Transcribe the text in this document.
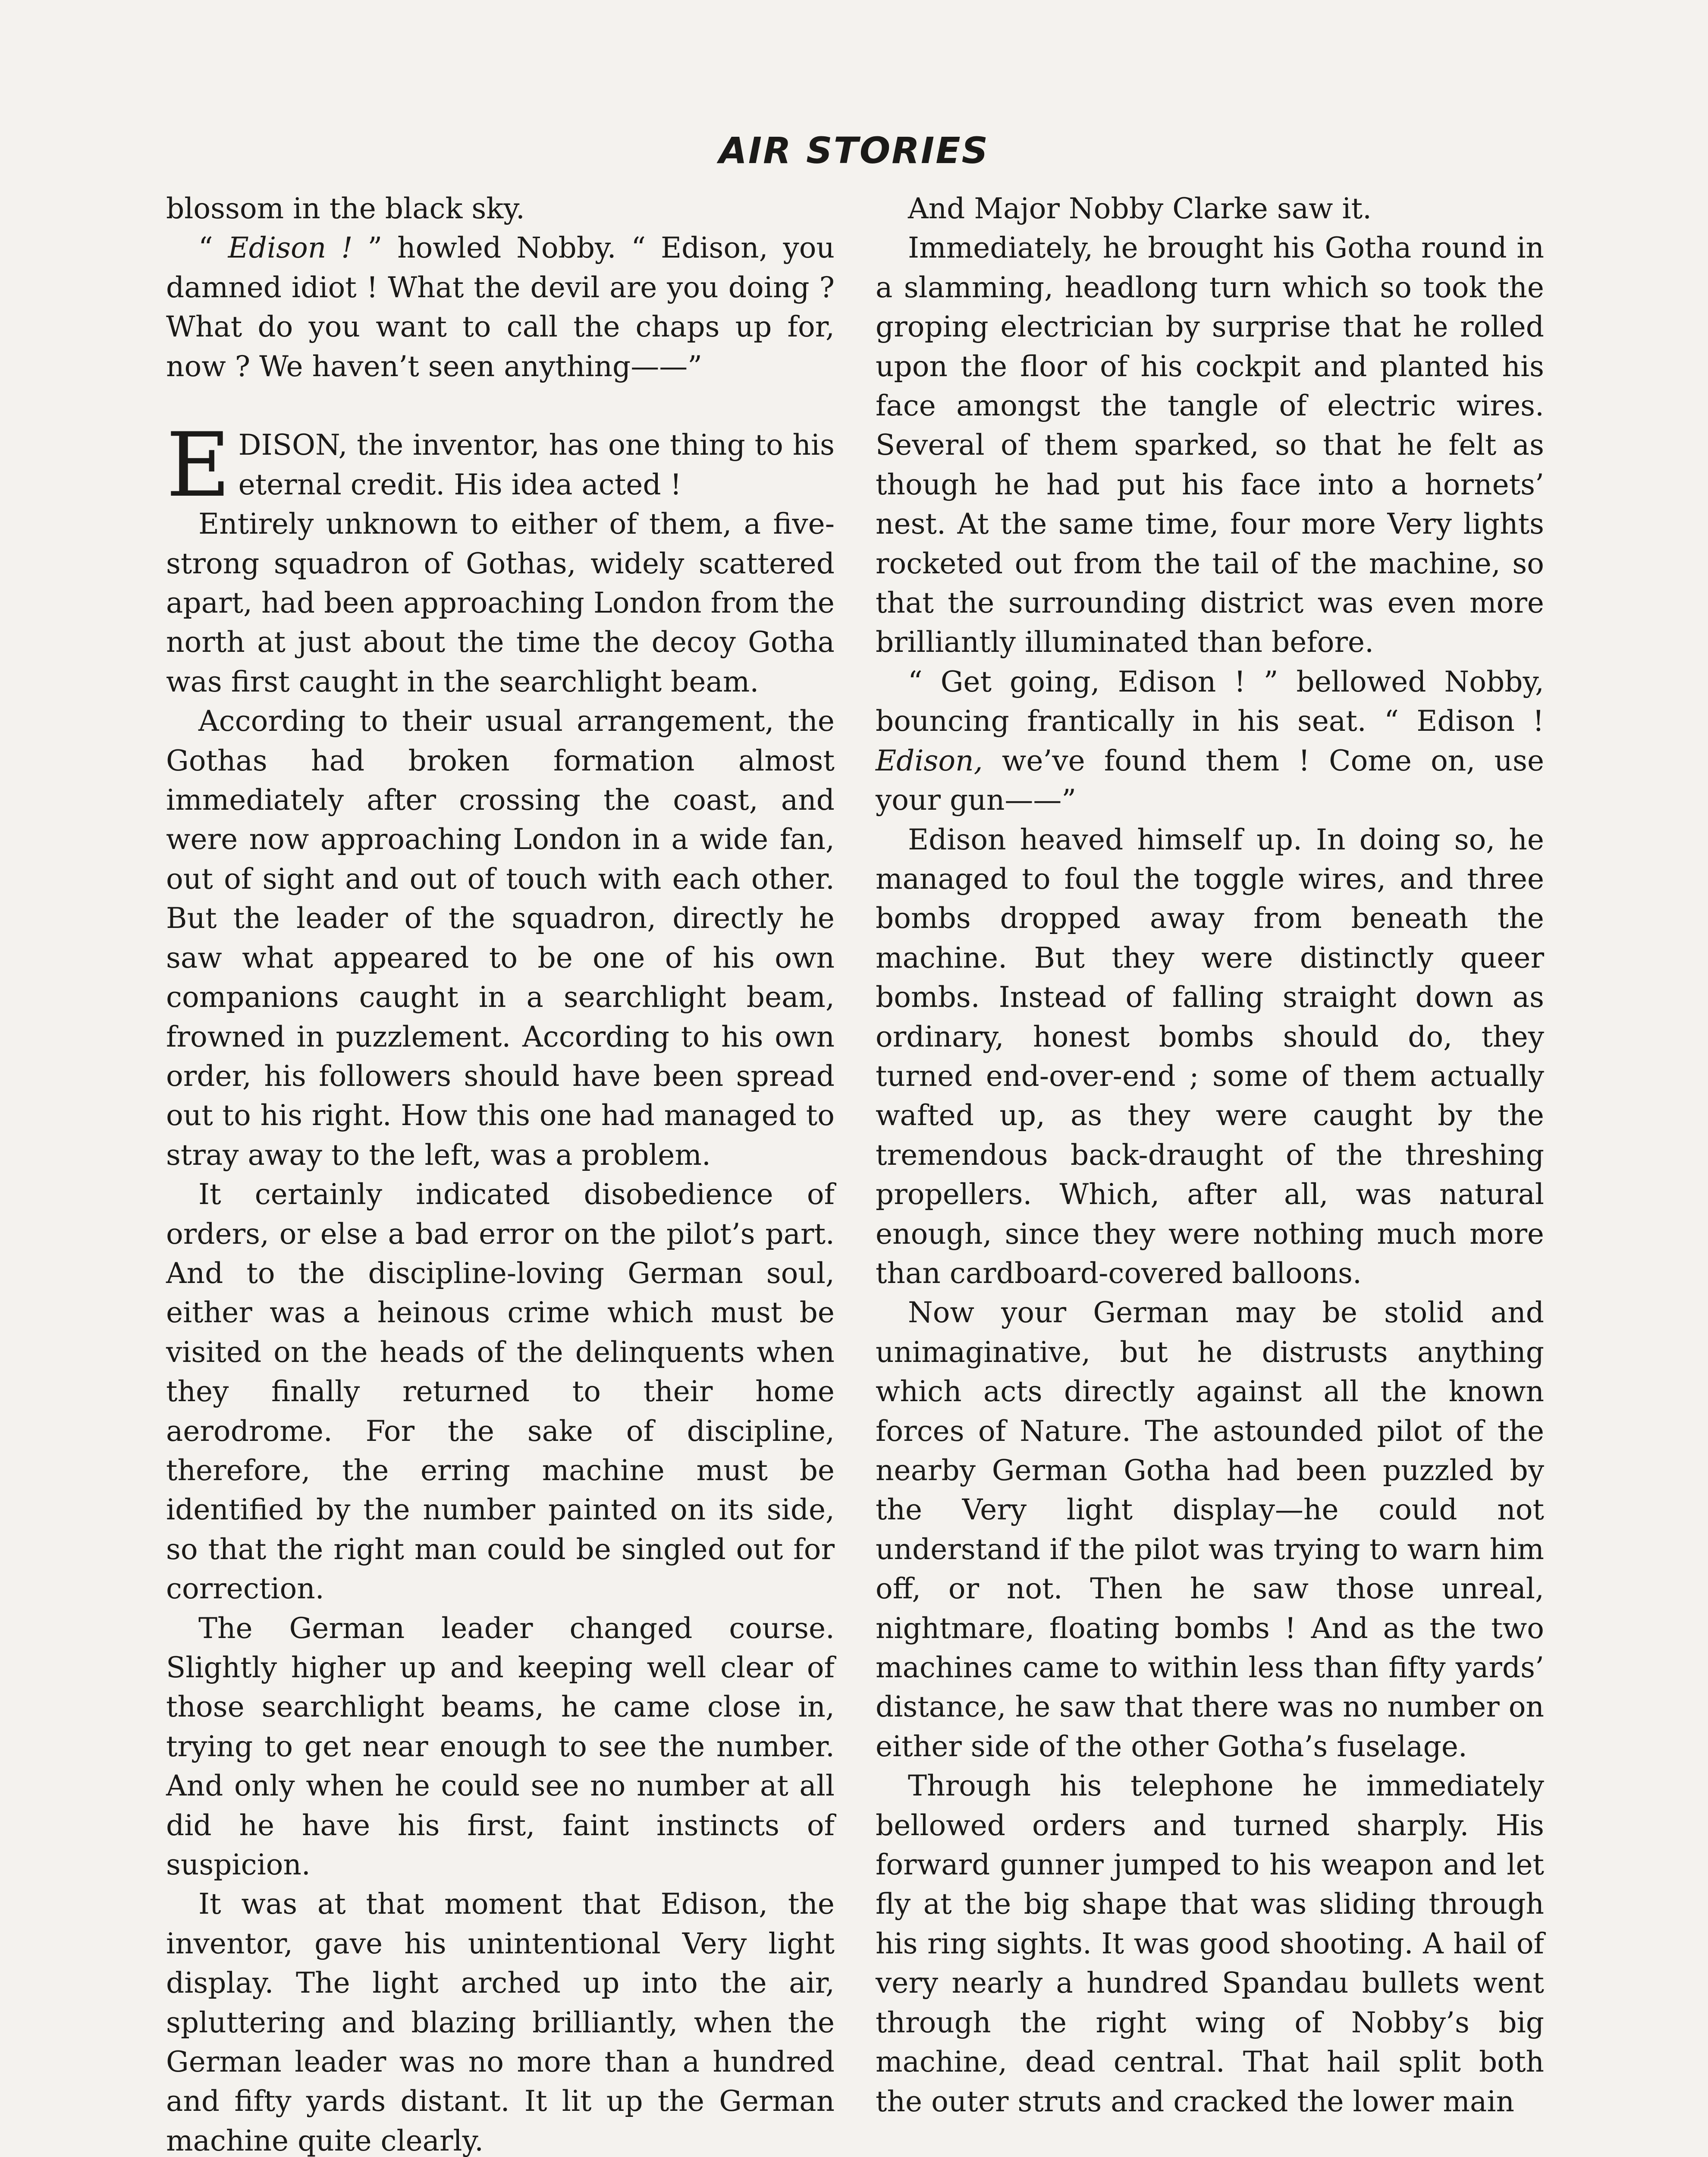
AIR STORIES

blossom in the black sky.

“ Edison ! ” howled Nobby. “ Edison, you damned idiot ! What the devil are you doing ? What do you want to call the chaps up for, now ? We haven’t seen anything——”

EDISON, the inventor, has one thing to his eternal credit. His idea acted !

Entirely unknown to either of them, a five-strong squadron of Gothas, widely scattered apart, had been approaching London from the north at just about the time the decoy Gotha was first caught in the searchlight beam.

According to their usual arrangement, the Gothas had broken formation almost immediately after crossing the coast, and were now approaching London in a wide fan, out of sight and out of touch with each other. But the leader of the squadron, directly he saw what appeared to be one of his own companions caught in a searchlight beam, frowned in puzzlement. According to his own order, his followers should have been spread out to his right. How this one had managed to stray away to the left, was a problem.

It certainly indicated disobedience of orders, or else a bad error on the pilot’s part. And to the discipline-loving German soul, either was a heinous crime which must be visited on the heads of the delinquents when they finally returned to their home aerodrome. For the sake of discipline, therefore, the erring machine must be identified by the number painted on its side, so that the right man could be singled out for correction.

The German leader changed course. Slightly higher up and keeping well clear of those searchlight beams, he came close in, trying to get near enough to see the number. And only when he could see no number at all did he have his first, faint instincts of suspicion.

It was at that moment that Edison, the inventor, gave his unintentional Very light display. The light arched up into the air, spluttering and blazing brilliantly, when the German leader was no more than a hundred and fifty yards distant. It lit up the German machine quite clearly.

And Major Nobby Clarke saw it.

Immediately, he brought his Gotha round in a slamming, headlong turn which so took the groping electrician by surprise that he rolled upon the floor of his cockpit and planted his face amongst the tangle of electric wires. Several of them sparked, so that he felt as though he had put his face into a hornets’ nest. At the same time, four more Very lights rocketed out from the tail of the machine, so that the surrounding district was even more brilliantly illuminated than before.

“ Get going, Edison ! ” bellowed Nobby, bouncing frantically in his seat. “ Edison ! Edison, we’ve found them ! Come on, use your gun——”

Edison heaved himself up. In doing so, he managed to foul the toggle wires, and three bombs dropped away from beneath the machine. But they were distinctly queer bombs. Instead of falling straight down as ordinary, honest bombs should do, they turned end-over-end ; some of them actually wafted up, as they were caught by the tremendous back-draught of the threshing propellers. Which, after all, was natural enough, since they were nothing much more than cardboard-covered balloons.

Now your German may be stolid and unimaginative, but he distrusts anything which acts directly against all the known forces of Nature. The astounded pilot of the nearby German Gotha had been puzzled by the Very light display—he could not understand if the pilot was trying to warn him off, or not. Then he saw those unreal, nightmare, floating bombs ! And as the two machines came to within less than fifty yards’ distance, he saw that there was no number on either side of the other Gotha’s fuselage.

Through his telephone he immediately bellowed orders and turned sharply. His forward gunner jumped to his weapon and let fly at the big shape that was sliding through his ring sights. It was good shooting. A hail of very nearly a hundred Spandau bullets went through the right wing of Nobby’s big machine, dead central. That hail split both the outer struts and cracked the lower main
